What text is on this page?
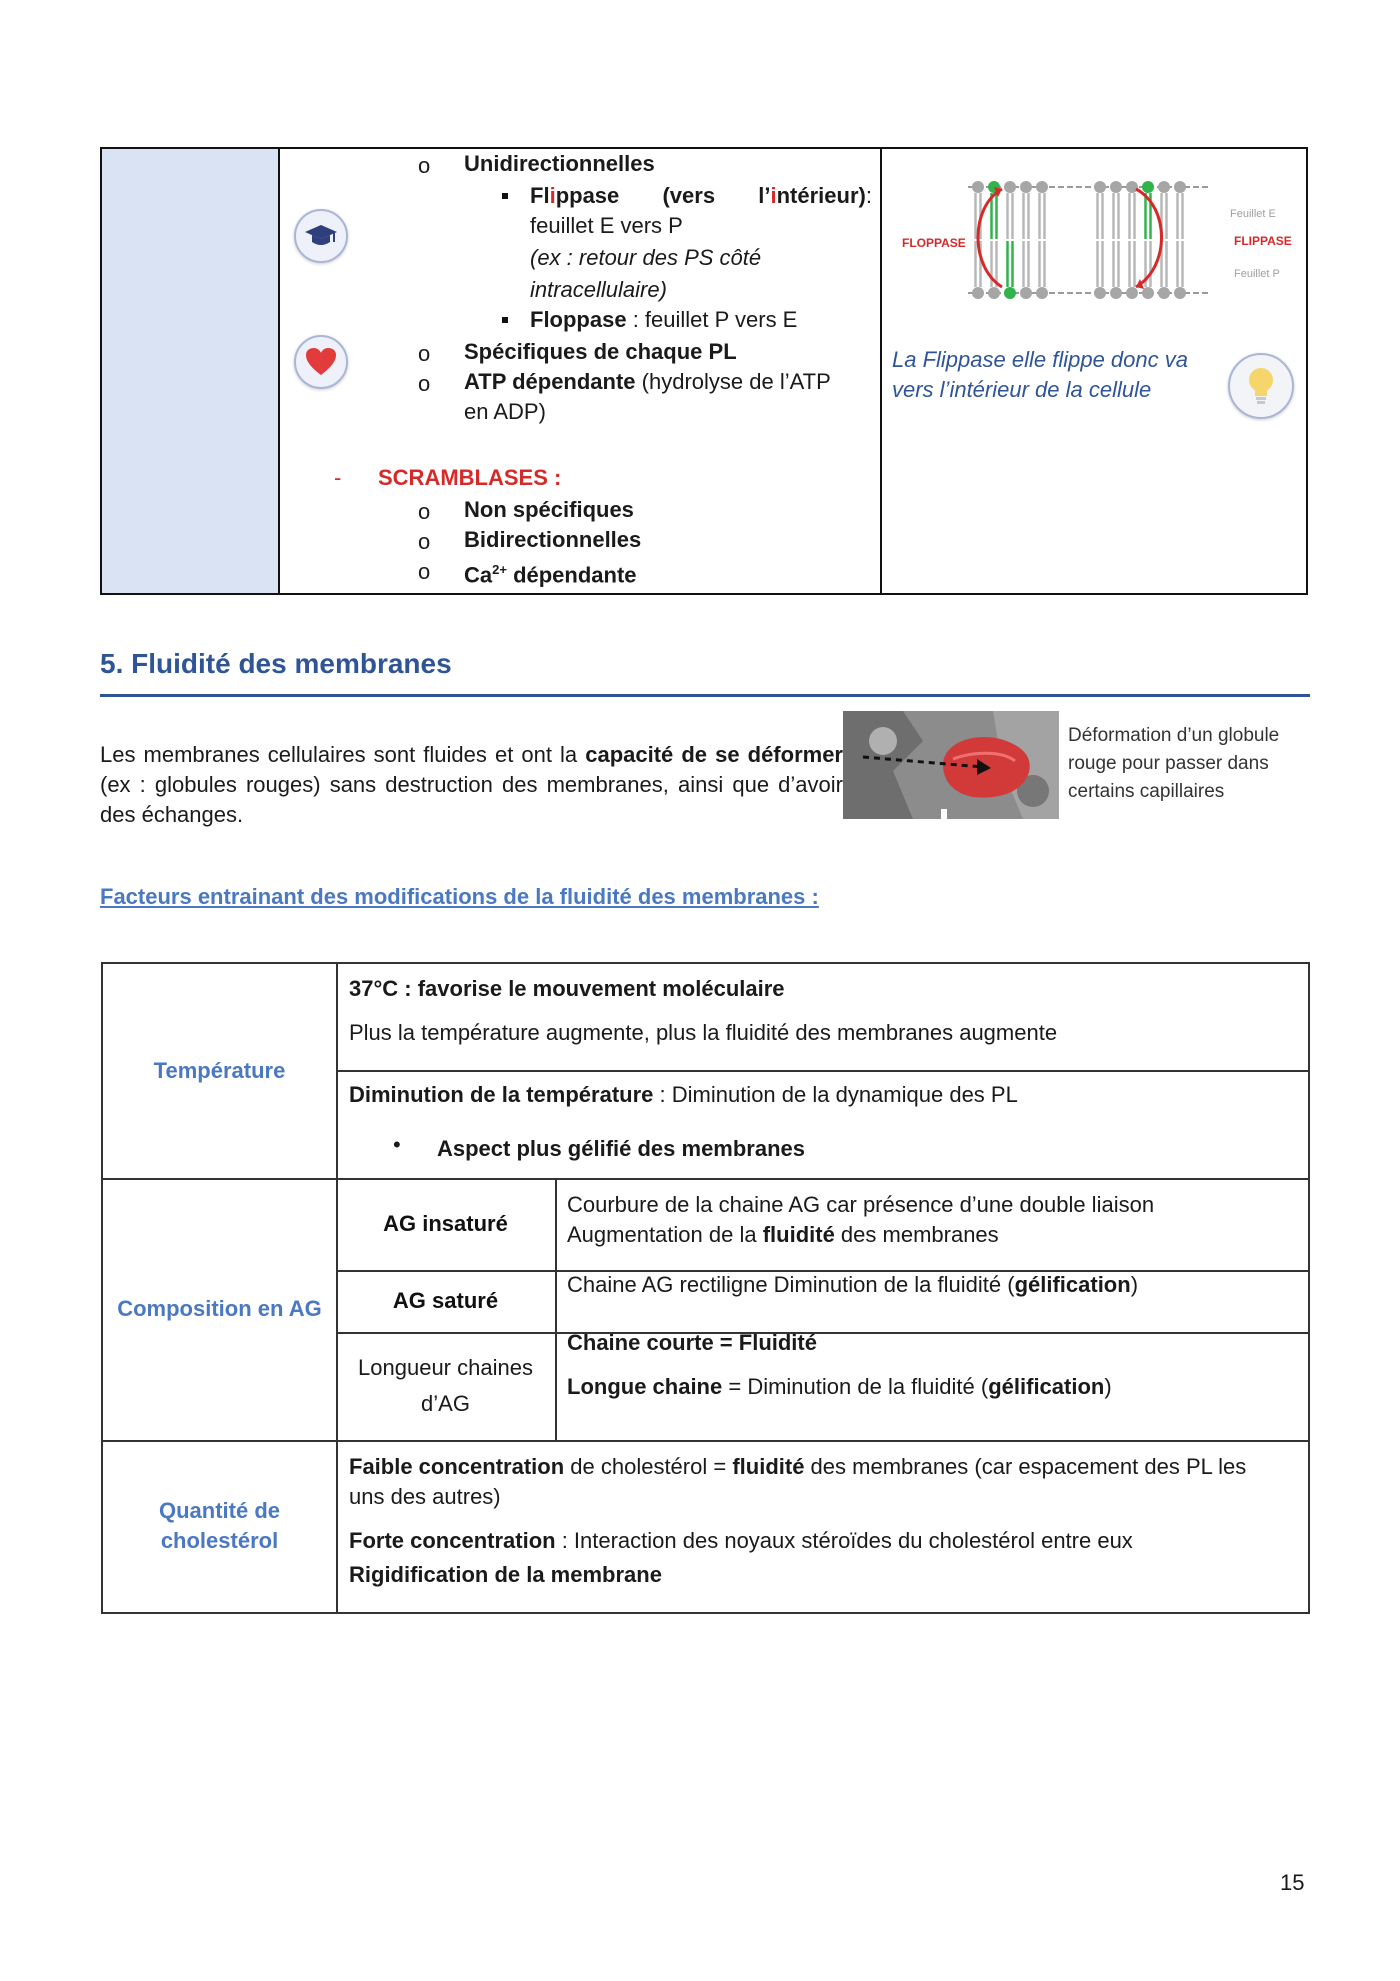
o Unidirectionnelles
Flippase (vers l’intérieur):
feuillet E vers P
(ex : retour des PS côté
intracellulaire)
Floppase : feuillet P vers E
o Spécifiques de chaque PL
o ATP dépendante (hydrolyse de l’ATP
en ADP)
- SCRAMBLASES :
o Non spécifiques
o Bidirectionnelles
o $Ca^{2+}$ dépendante
FLOPPASE	FLIPPASE
Feuillet E
Feuillet P
La Flippase elle flippe donc va
vers l’intérieur de la cellule
5. Fluidité des membranes
Les membranes cellulaires sont fluides et ont la capacité de se déformer (ex : globules rouges) sans destruction des membranes, ainsi que d’avoir des échanges.
Déformation d’un globule rouge pour passer dans certains capillaires
Facteurs entrainant des modifications de la fluidité des membranes :
Température
37°C : favorise le mouvement moléculaire
Plus la température augmente, plus la fluidité des membranes augmente
Diminution de la température : Diminution de la dynamique des PL
• Aspect plus gélifié des membranes
Composition en AG
AG insaturé
Courbure de la chaine AG car présence d’une double liaison
Augmentation de la fluidité des membranes
AG saturé
Chaine AG rectiligne Diminution de la fluidité (gélification)
Longueur chaines
d’AG
Chaine courte = Fluidité
Longue chaine = Diminution de la fluidité (gélification)
Quantité de
cholestérol
Faible concentration de cholestérol = fluidité des membranes (car espacement des PL les
uns des autres)
Forte concentration : Interaction des noyaux stéroïdes du cholestérol entre eux
Rigidification de la membrane
15
